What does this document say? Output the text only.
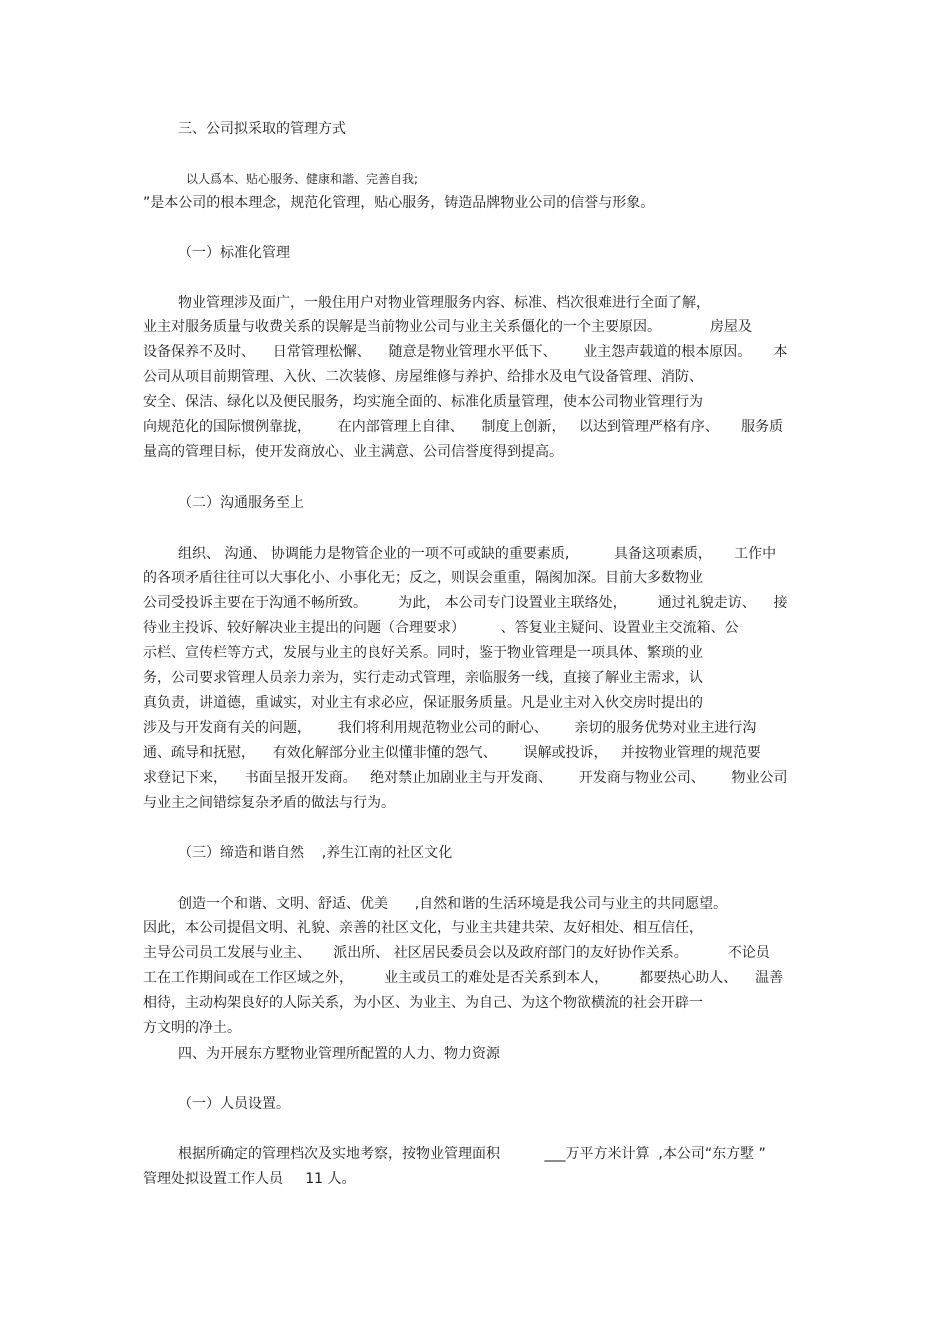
三、公司拟采取的管理方式
以人爲本、贴心服务、健康和諧、完善自我;
”是本公司的根本理念，规范化管理，贴心服务，铸造品牌物业公司的信誉与形象。
（一）标准化管理
物业管理涉及面广，一般住用户对物业管理服务内容、标准、档次很难进行全面了解，
业主对服务质量与收费关系的误解是当前物业公司与业主关系僵化的一个主要原因。           房屋及
设备保养不及时、    日常管理松懈、    随意是物业管理水平低下、      业主怨声载道的根本原因。     本
公司从项目前期管理、入伙、二次装修、房屋维修与养护、给排水及电气设备管理、消防、
安全、保洁、绿化以及便民服务，均实施全面的、标准化质量管理，使本公司物业管理行为
向规范化的国际惯例靠拢，      在内部管理上自律、    制度上创新，   以达到管理严格有序、     服务质
量高的管理目标，使开发商放心、业主满意、公司信誉度得到提高。
（二）沟通服务至上
组织、 沟通、 协调能力是物管企业的一项不可或缺的重要素质,          具备这项素质，     工作中
的各项矛盾往往可以大事化小、小事化无；反之，则误会重重，隔阂加深。目前大多数物业
公司受投诉主要在于沟通不畅所致。       为此， 本公司专门设置业主联络处，       通过礼貌走访、    接
待业主投诉、较好解决业主提出的问题（合理要求）        、答复业主疑问、设置业主交流箱、公
示栏、宣传栏等方式，发展与业主的良好关系。同时，鉴于物业管理是一项具体、繁琐的业
务，公司要求管理人员亲力亲为，实行走动式管理，亲临服务一线，直接了解业主需求，认
真负责，讲道德，重诚实，对业主有求必应，保证服务质量。凡是业主对入伙交房时提出的
涉及与开发商有关的问题，      我们将利用规范物业公司的耐心、      亲切的服务优势对业主进行沟
通、疏导和抚慰，    有效化解部分业主似懂非懂的怨气、      误解或投诉，   并按物业管理的规范要
求登记下来，    书面呈报开发商。   绝对禁止加剧业主与开发商、      开发商与物业公司、      物业公司
与业主之间错综复杂矛盾的做法与行为。
（三）缔造和谐自然    ,养生江南的社区文化
创造一个和谐、文明、舒适、优美      ,自然和谐的生活环境是我公司与业主的共同愿望。
因此，本公司提倡文明、礼貌、亲善的社区文化，与业主共建共荣、友好相处、相互信任，
主导公司员工发展与业主、     派出所、 社区居民委员会以及政府部门的友好协作关系。         不论员
工在工作期间或在工作区域之外，       业主或员工的难处是否关系到本人，       都要热心助人、    温善
相待，主动构架良好的人际关系，为小区、为业主、为自己、为这个物欲横流的社会开辟一
方文明的净土。
四、为开展东方墅物业管理所配置的人力、物力资源
（一）人员设置。
根据所确定的管理档次及实地考察，按物业管理面积          ___万平方米计算  ,本公司“东方墅 ”
管理处拟设置工作人员     11 人。
